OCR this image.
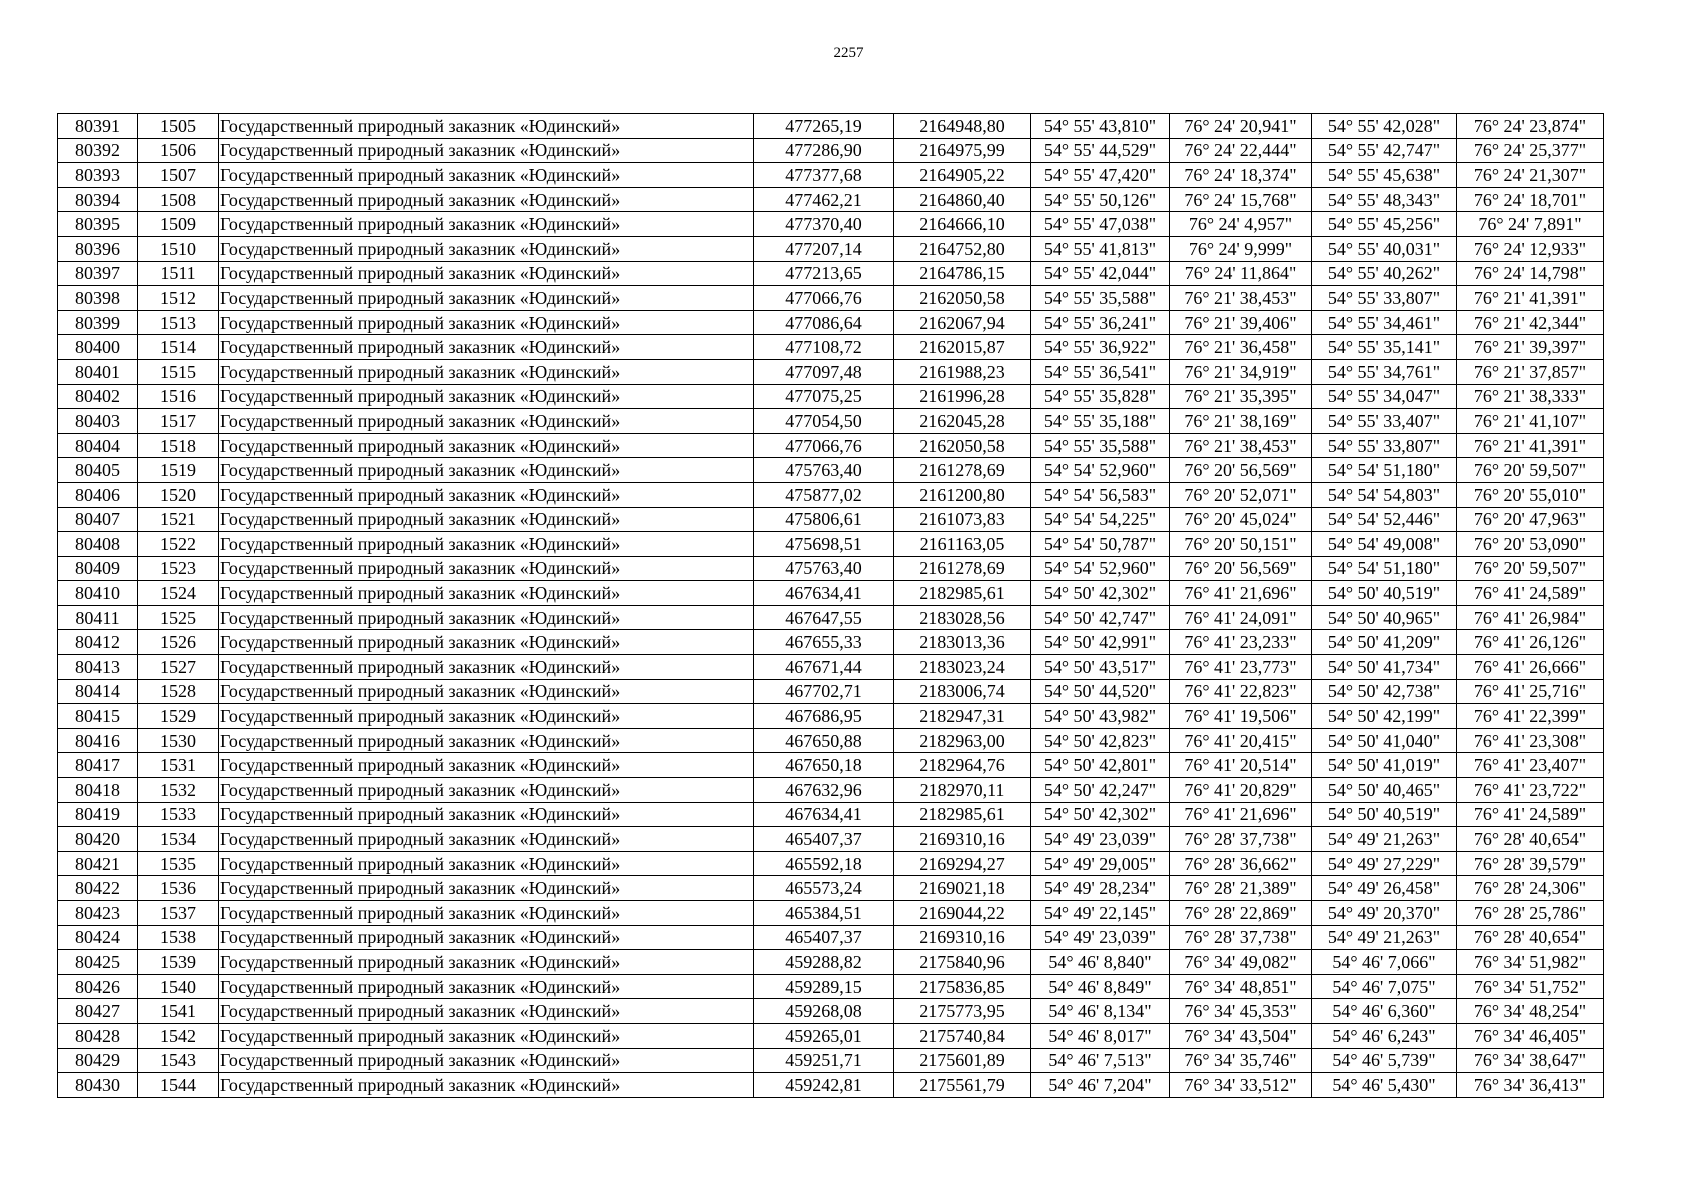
2257
80391	1505	Государственный природный заказник «Юдинский»	477265,19	2164948,80	54° 55' 43,810"	76° 24' 20,941"	54° 55' 42,028"	76° 24' 23,874"
80392	1506	Государственный природный заказник «Юдинский»	477286,90	2164975,99	54° 55' 44,529"	76° 24' 22,444"	54° 55' 42,747"	76° 24' 25,377"
80393	1507	Государственный природный заказник «Юдинский»	477377,68	2164905,22	54° 55' 47,420"	76° 24' 18,374"	54° 55' 45,638"	76° 24' 21,307"
80394	1508	Государственный природный заказник «Юдинский»	477462,21	2164860,40	54° 55' 50,126"	76° 24' 15,768"	54° 55' 48,343"	76° 24' 18,701"
80395	1509	Государственный природный заказник «Юдинский»	477370,40	2164666,10	54° 55' 47,038"	76° 24' 4,957"	54° 55' 45,256"	76° 24' 7,891"
80396	1510	Государственный природный заказник «Юдинский»	477207,14	2164752,80	54° 55' 41,813"	76° 24' 9,999"	54° 55' 40,031"	76° 24' 12,933"
80397	1511	Государственный природный заказник «Юдинский»	477213,65	2164786,15	54° 55' 42,044"	76° 24' 11,864"	54° 55' 40,262"	76° 24' 14,798"
80398	1512	Государственный природный заказник «Юдинский»	477066,76	2162050,58	54° 55' 35,588"	76° 21' 38,453"	54° 55' 33,807"	76° 21' 41,391"
80399	1513	Государственный природный заказник «Юдинский»	477086,64	2162067,94	54° 55' 36,241"	76° 21' 39,406"	54° 55' 34,461"	76° 21' 42,344"
80400	1514	Государственный природный заказник «Юдинский»	477108,72	2162015,87	54° 55' 36,922"	76° 21' 36,458"	54° 55' 35,141"	76° 21' 39,397"
80401	1515	Государственный природный заказник «Юдинский»	477097,48	2161988,23	54° 55' 36,541"	76° 21' 34,919"	54° 55' 34,761"	76° 21' 37,857"
80402	1516	Государственный природный заказник «Юдинский»	477075,25	2161996,28	54° 55' 35,828"	76° 21' 35,395"	54° 55' 34,047"	76° 21' 38,333"
80403	1517	Государственный природный заказник «Юдинский»	477054,50	2162045,28	54° 55' 35,188"	76° 21' 38,169"	54° 55' 33,407"	76° 21' 41,107"
80404	1518	Государственный природный заказник «Юдинский»	477066,76	2162050,58	54° 55' 35,588"	76° 21' 38,453"	54° 55' 33,807"	76° 21' 41,391"
80405	1519	Государственный природный заказник «Юдинский»	475763,40	2161278,69	54° 54' 52,960"	76° 20' 56,569"	54° 54' 51,180"	76° 20' 59,507"
80406	1520	Государственный природный заказник «Юдинский»	475877,02	2161200,80	54° 54' 56,583"	76° 20' 52,071"	54° 54' 54,803"	76° 20' 55,010"
80407	1521	Государственный природный заказник «Юдинский»	475806,61	2161073,83	54° 54' 54,225"	76° 20' 45,024"	54° 54' 52,446"	76° 20' 47,963"
80408	1522	Государственный природный заказник «Юдинский»	475698,51	2161163,05	54° 54' 50,787"	76° 20' 50,151"	54° 54' 49,008"	76° 20' 53,090"
80409	1523	Государственный природный заказник «Юдинский»	475763,40	2161278,69	54° 54' 52,960"	76° 20' 56,569"	54° 54' 51,180"	76° 20' 59,507"
80410	1524	Государственный природный заказник «Юдинский»	467634,41	2182985,61	54° 50' 42,302"	76° 41' 21,696"	54° 50' 40,519"	76° 41' 24,589"
80411	1525	Государственный природный заказник «Юдинский»	467647,55	2183028,56	54° 50' 42,747"	76° 41' 24,091"	54° 50' 40,965"	76° 41' 26,984"
80412	1526	Государственный природный заказник «Юдинский»	467655,33	2183013,36	54° 50' 42,991"	76° 41' 23,233"	54° 50' 41,209"	76° 41' 26,126"
80413	1527	Государственный природный заказник «Юдинский»	467671,44	2183023,24	54° 50' 43,517"	76° 41' 23,773"	54° 50' 41,734"	76° 41' 26,666"
80414	1528	Государственный природный заказник «Юдинский»	467702,71	2183006,74	54° 50' 44,520"	76° 41' 22,823"	54° 50' 42,738"	76° 41' 25,716"
80415	1529	Государственный природный заказник «Юдинский»	467686,95	2182947,31	54° 50' 43,982"	76° 41' 19,506"	54° 50' 42,199"	76° 41' 22,399"
80416	1530	Государственный природный заказник «Юдинский»	467650,88	2182963,00	54° 50' 42,823"	76° 41' 20,415"	54° 50' 41,040"	76° 41' 23,308"
80417	1531	Государственный природный заказник «Юдинский»	467650,18	2182964,76	54° 50' 42,801"	76° 41' 20,514"	54° 50' 41,019"	76° 41' 23,407"
80418	1532	Государственный природный заказник «Юдинский»	467632,96	2182970,11	54° 50' 42,247"	76° 41' 20,829"	54° 50' 40,465"	76° 41' 23,722"
80419	1533	Государственный природный заказник «Юдинский»	467634,41	2182985,61	54° 50' 42,302"	76° 41' 21,696"	54° 50' 40,519"	76° 41' 24,589"
80420	1534	Государственный природный заказник «Юдинский»	465407,37	2169310,16	54° 49' 23,039"	76° 28' 37,738"	54° 49' 21,263"	76° 28' 40,654"
80421	1535	Государственный природный заказник «Юдинский»	465592,18	2169294,27	54° 49' 29,005"	76° 28' 36,662"	54° 49' 27,229"	76° 28' 39,579"
80422	1536	Государственный природный заказник «Юдинский»	465573,24	2169021,18	54° 49' 28,234"	76° 28' 21,389"	54° 49' 26,458"	76° 28' 24,306"
80423	1537	Государственный природный заказник «Юдинский»	465384,51	2169044,22	54° 49' 22,145"	76° 28' 22,869"	54° 49' 20,370"	76° 28' 25,786"
80424	1538	Государственный природный заказник «Юдинский»	465407,37	2169310,16	54° 49' 23,039"	76° 28' 37,738"	54° 49' 21,263"	76° 28' 40,654"
80425	1539	Государственный природный заказник «Юдинский»	459288,82	2175840,96	54° 46' 8,840"	76° 34' 49,082"	54° 46' 7,066"	76° 34' 51,982"
80426	1540	Государственный природный заказник «Юдинский»	459289,15	2175836,85	54° 46' 8,849"	76° 34' 48,851"	54° 46' 7,075"	76° 34' 51,752"
80427	1541	Государственный природный заказник «Юдинский»	459268,08	2175773,95	54° 46' 8,134"	76° 34' 45,353"	54° 46' 6,360"	76° 34' 48,254"
80428	1542	Государственный природный заказник «Юдинский»	459265,01	2175740,84	54° 46' 8,017"	76° 34' 43,504"	54° 46' 6,243"	76° 34' 46,405"
80429	1543	Государственный природный заказник «Юдинский»	459251,71	2175601,89	54° 46' 7,513"	76° 34' 35,746"	54° 46' 5,739"	76° 34' 38,647"
80430	1544	Государственный природный заказник «Юдинский»	459242,81	2175561,79	54° 46' 7,204"	76° 34' 33,512"	54° 46' 5,430"	76° 34' 36,413"
